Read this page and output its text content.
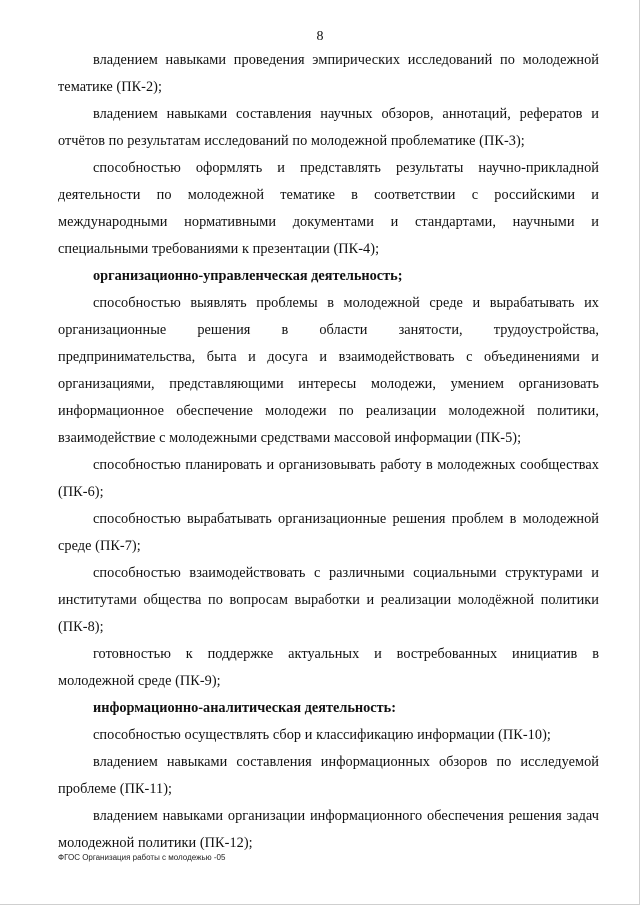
8

владением навыками проведения эмпирических исследований по молодежной тематике (ПК-2);

владением навыками составления научных обзоров, аннотаций, рефератов и отчётов по результатам исследований по молодежной проблематике (ПК-3);

способностью оформлять и представлять результаты научно-прикладной деятельности по молодежной тематике в соответствии с российскими и международными нормативными документами и стандартами, научными и специальными требованиями к презентации (ПК-4);

организационно-управленческая деятельность;

способностью выявлять проблемы в молодежной среде и вырабатывать их организационные решения в области занятости, трудоустройства, предпринимательства, быта и досуга и взаимодействовать с объединениями и организациями, представляющими интересы молодежи, умением организовать информационное обеспечение молодежи по реализации молодежной политики, взаимодействие с молодежными средствами массовой информации (ПК-5);

способностью планировать и организовывать работу в молодежных сообществах (ПК-6);

способностью вырабатывать организационные решения проблем в молодежной среде (ПК-7);

способностью взаимодействовать с различными социальными структурами и институтами общества по вопросам выработки и реализации молодёжной политики (ПК-8);

готовностью к поддержке актуальных и востребованных инициатив в молодежной среде (ПК-9);

информационно-аналитическая деятельность:

способностью осуществлять сбор и классификацию информации (ПК-10);

владением навыками составления информационных обзоров по исследуемой проблеме (ПК-11);

владением навыками организации информационного обеспечения решения задач молодежной политики (ПК-12);

ФГОС Организация работы с молодежью -05
